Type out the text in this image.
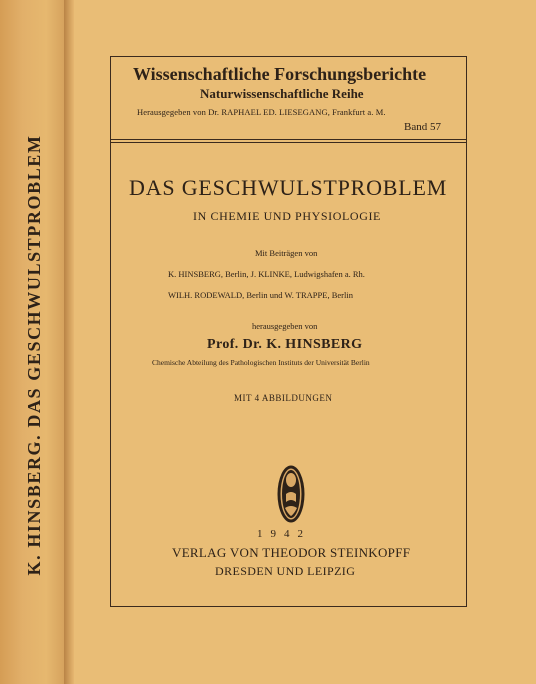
K. HINSBERG. DAS GESCHWULSTPROBLEM
Wissenschaftliche Forschungsberichte
Naturwissenschaftliche Reihe
Herausgegeben von Dr. RAPHAEL ED. LIESEGANG, Frankfurt a. M.
Band 57
DAS GESCHWULSTPROBLEM
IN CHEMIE UND PHYSIOLOGIE
Mit Beiträgen von
K. HINSBERG, Berlin, J. KLINKE, Ludwigshafen a. Rh.
WILH. RODEWALD, Berlin und W. TRAPPE, Berlin
herausgegeben von
Prof. Dr. K. HINSBERG
Chemische Abteilung des Pathologischen Instituts der Universität Berlin
MIT 4 ABBILDUNGEN
1942
VERLAG VON THEODOR STEINKOPFF
DRESDEN UND LEIPZIG
